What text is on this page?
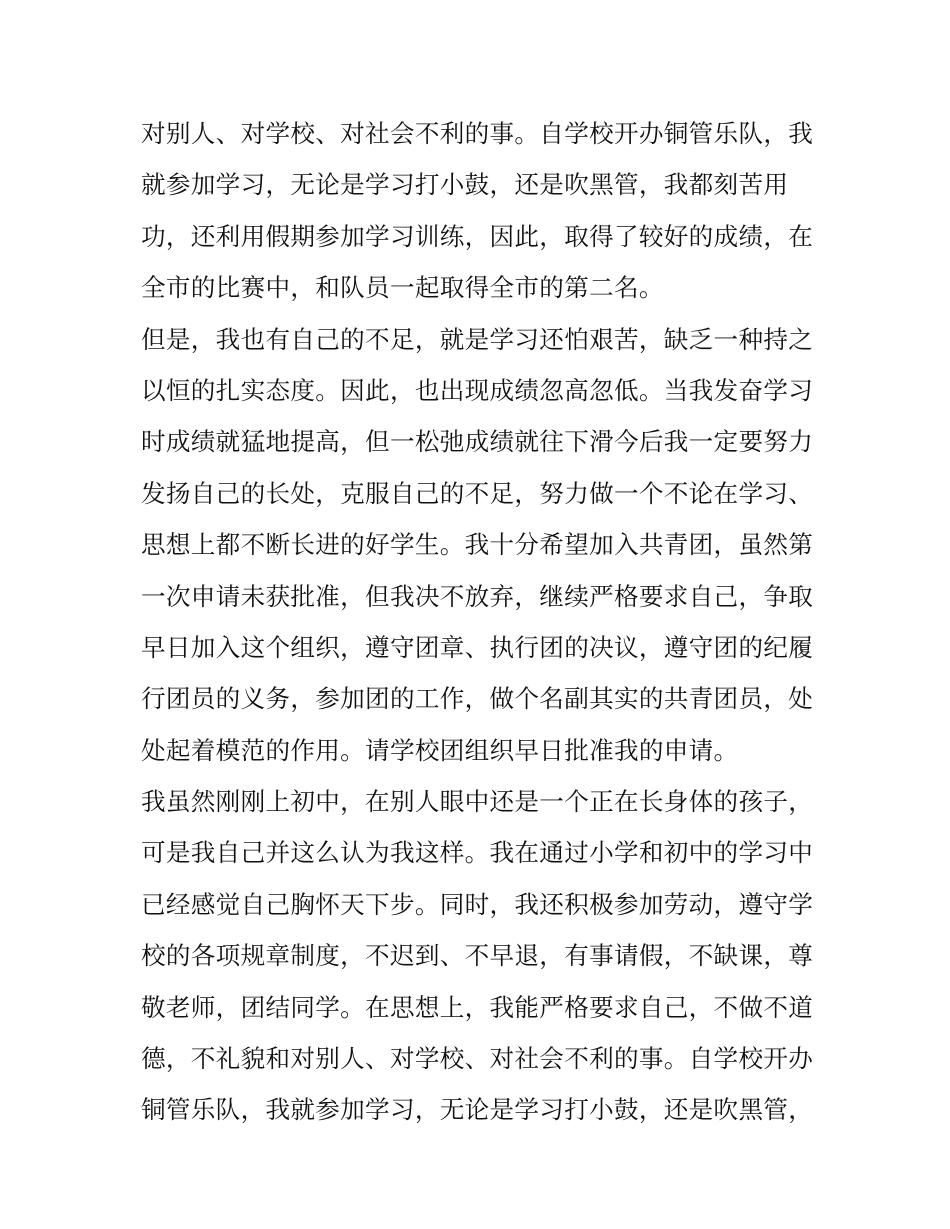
对别人、对学校、对社会不利的事。自学校开办铜管乐队，我
就参加学习，无论是学习打小鼓，还是吹黑管，我都刻苦用
功，还利用假期参加学习训练，因此，取得了较好的成绩，在
全市的比赛中，和队员一起取得全市的第二名。
但是，我也有自己的不足，就是学习还怕艰苦，缺乏一种持之
以恒的扎实态度。因此，也出现成绩忽高忽低。当我发奋学习
时成绩就猛地提高，但一松弛成绩就往下滑今后我一定要努力
发扬自己的长处，克服自己的不足，努力做一个不论在学习、
思想上都不断长进的好学生。我十分希望加入共青团，虽然第
一次申请未获批准，但我决不放弃，继续严格要求自己，争取
早日加入这个组织，遵守团章、执行团的决议，遵守团的纪履
行团员的义务，参加团的工作，做个名副其实的共青团员，处
处起着模范的作用。请学校团组织早日批准我的申请。
我虽然刚刚上初中，在别人眼中还是一个正在长身体的孩子，
可是我自己并这么认为我这样。我在通过小学和初中的学习中
已经感觉自己胸怀天下步。同时，我还积极参加劳动，遵守学
校的各项规章制度，不迟到、不早退，有事请假，不缺课，尊
敬老师，团结同学。在思想上，我能严格要求自己，不做不道
德，不礼貌和对别人、对学校、对社会不利的事。自学校开办
铜管乐队，我就参加学习，无论是学习打小鼓，还是吹黑管，
